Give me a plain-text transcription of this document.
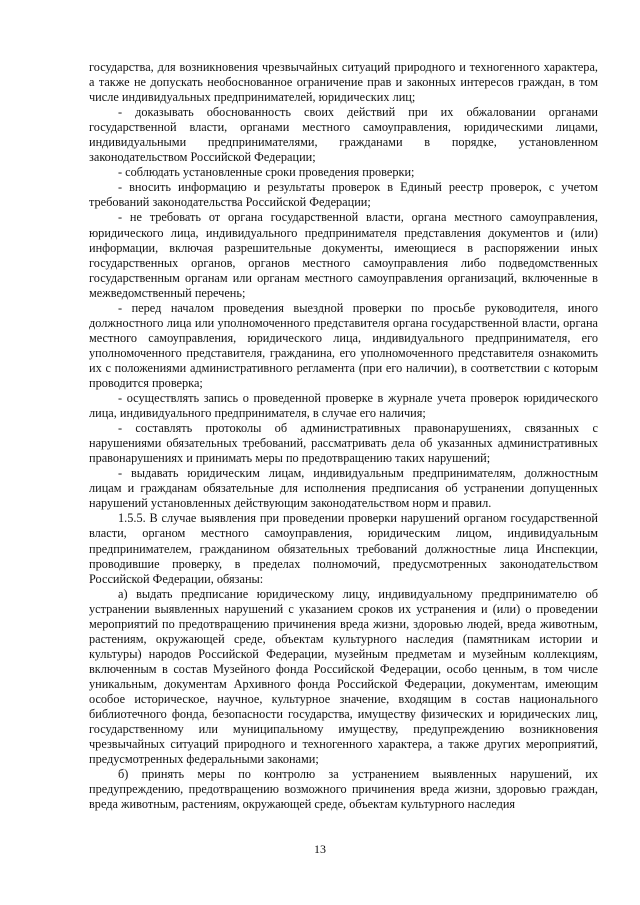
государства, для возникновения чрезвычайных ситуаций природного и техногенного характера, а также не допускать необоснованное ограничение прав и законных интересов граждан, в том числе индивидуальных предпринимателей, юридических лиц;

- доказывать обоснованность своих действий при их обжаловании органами государственной власти, органами местного самоуправления, юридическими лицами, индивидуальными предпринимателями, гражданами в порядке, установленном законодательством Российской Федерации;

- соблюдать установленные сроки проведения проверки;

- вносить информацию и результаты проверок в Единый реестр проверок, с учетом требований законодательства Российской Федерации;

- не требовать от органа государственной власти, органа местного самоуправления, юридического лица, индивидуального предпринимателя представления документов и (или) информации, включая разрешительные документы, имеющиеся в распоряжении иных государственных органов, органов местного самоуправления либо подведомственных государственным органам или органам местного самоуправления организаций, включенные в межведомственный перечень;

- перед началом проведения выездной проверки по просьбе руководителя, иного должностного лица или уполномоченного представителя органа государственной власти, органа местного самоуправления, юридического лица, индивидуального предпринимателя, его уполномоченного представителя, гражданина, его уполномоченного представителя ознакомить их с положениями административного регламента (при его наличии), в соответствии с которым проводится проверка;

- осуществлять запись о проведенной проверке в журнале учета проверок юридического лица, индивидуального предпринимателя, в случае его наличия;

- составлять протоколы об административных правонарушениях, связанных с нарушениями обязательных требований, рассматривать дела об указанных административных правонарушениях и принимать меры по предотвращению таких нарушений;

- выдавать юридическим лицам, индивидуальным предпринимателям, должностным лицам и гражданам обязательные для исполнения предписания об устранении допущенных нарушений установленных действующим законодательством норм и правил.

1.5.5. В случае выявления при проведении проверки нарушений органом государственной власти, органом местного самоуправления, юридическим лицом, индивидуальным предпринимателем, гражданином обязательных требований должностные лица Инспекции, проводившие проверку, в пределах полномочий, предусмотренных законодательством Российской Федерации, обязаны:

а) выдать предписание юридическому лицу, индивидуальному предпринимателю об устранении выявленных нарушений с указанием сроков их устранения и (или) о проведении мероприятий по предотвращению причинения вреда жизни, здоровью людей, вреда животным, растениям, окружающей среде, объектам культурного наследия (памятникам истории и культуры) народов Российской Федерации, музейным предметам и музейным коллекциям, включенным в состав Музейного фонда Российской Федерации, особо ценным, в том числе уникальным, документам Архивного фонда Российской Федерации, документам, имеющим особое историческое, научное, культурное значение, входящим в состав национального библиотечного фонда, безопасности государства, имуществу физических и юридических лиц, государственному или муниципальному имуществу, предупреждению возникновения чрезвычайных ситуаций природного и техногенного характера, а также других мероприятий, предусмотренных федеральными законами;

б) принять меры по контролю за устранением выявленных нарушений, их предупреждению, предотвращению возможного причинения вреда жизни, здоровью граждан, вреда животным, растениям, окружающей среде, объектам культурного наследия

13
